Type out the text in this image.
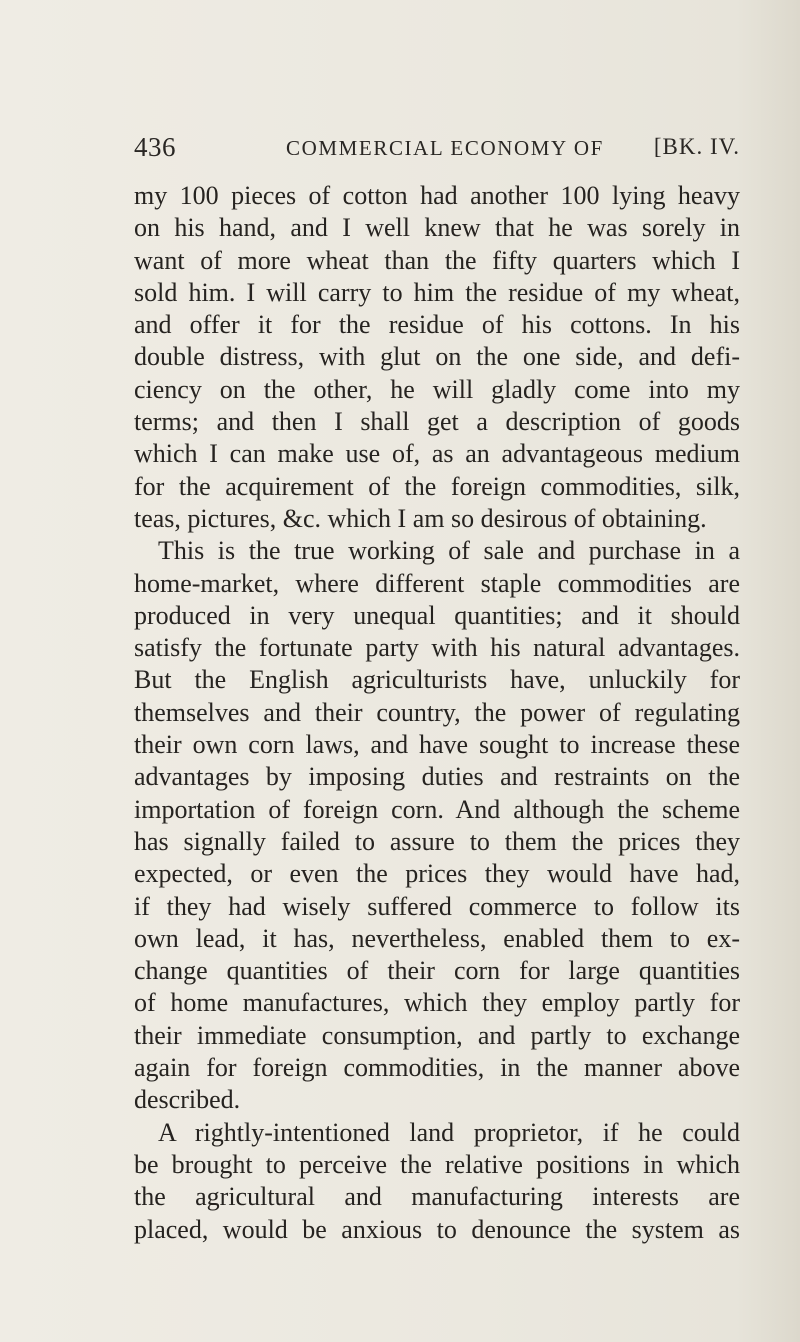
436	COMMERCIAL ECONOMY OF [BK. IV.
my 100 pieces of cotton had another 100 lying heavy
on his hand, and I well knew that he was sorely in
want of more wheat than the fifty quarters which I
sold him. I will carry to him the residue of my wheat,
and offer it for the residue of his cottons. In his
double distress, with glut on the one side, and defi-
ciency on the other, he will gladly come into my
terms; and then I shall get a description of goods
which I can make use of, as an advantageous medium
for the acquirement of the foreign commodities, silk,
teas, pictures, &c. which I am so desirous of obtaining.
This is the true working of sale and purchase in a
home-market, where different staple commodities are
produced in very unequal quantities; and it should
satisfy the fortunate party with his natural advantages.
But the English agriculturists have, unluckily for
themselves and their country, the power of regulating
their own corn laws, and have sought to increase these
advantages by imposing duties and restraints on the
importation of foreign corn. And although the scheme
has signally failed to assure to them the prices they
expected, or even the prices they would have had,
if they had wisely suffered commerce to follow its
own lead, it has, nevertheless, enabled them to ex-
change quantities of their corn for large quantities
of home manufactures, which they employ partly for
their immediate consumption, and partly to exchange
again for foreign commodities, in the manner above
described.
A rightly-intentioned land proprietor, if he could
be brought to perceive the relative positions in which
the agricultural and manufacturing interests are
placed, would be anxious to denounce the system as
